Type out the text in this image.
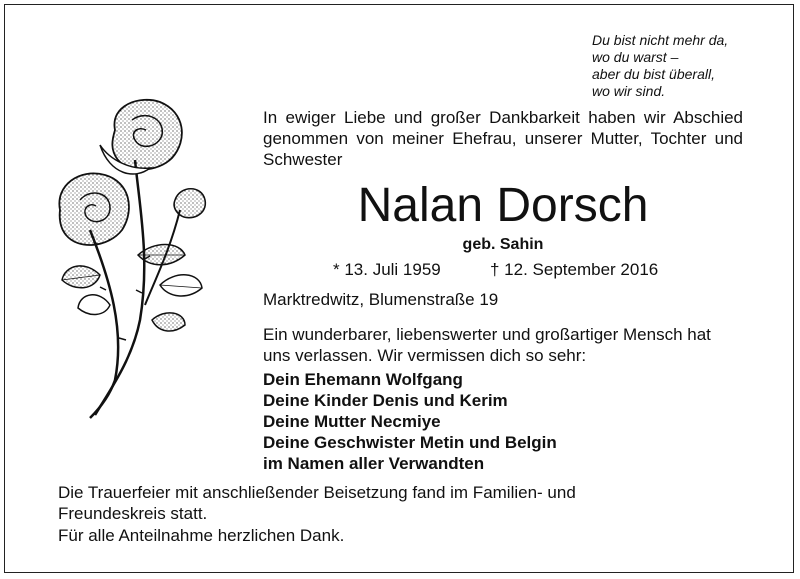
Du bist nicht mehr da,
wo du warst –
aber du bist überall,
wo wir sind.
In ewiger Liebe und großer Dankbarkeit haben wir Abschied genommen von meiner Ehefrau, unserer Mutter, Tochter und Schwester
Nalan Dorsch
geb. Sahin
* 13. Juli 1959	† 12. September 2016
Marktredwitz, Blumenstraße 19
Ein wunderbarer, liebenswerter und großartiger Mensch hat uns verlassen. Wir vermissen dich so sehr:
Dein Ehemann Wolfgang
Deine Kinder Denis und Kerim
Deine Mutter Necmiye
Deine Geschwister Metin und Belgin
im Namen aller Verwandten
Die Trauerfeier mit anschließender Beisetzung fand im Familien- und Freundeskreis statt.
Für alle Anteilnahme herzlichen Dank.
